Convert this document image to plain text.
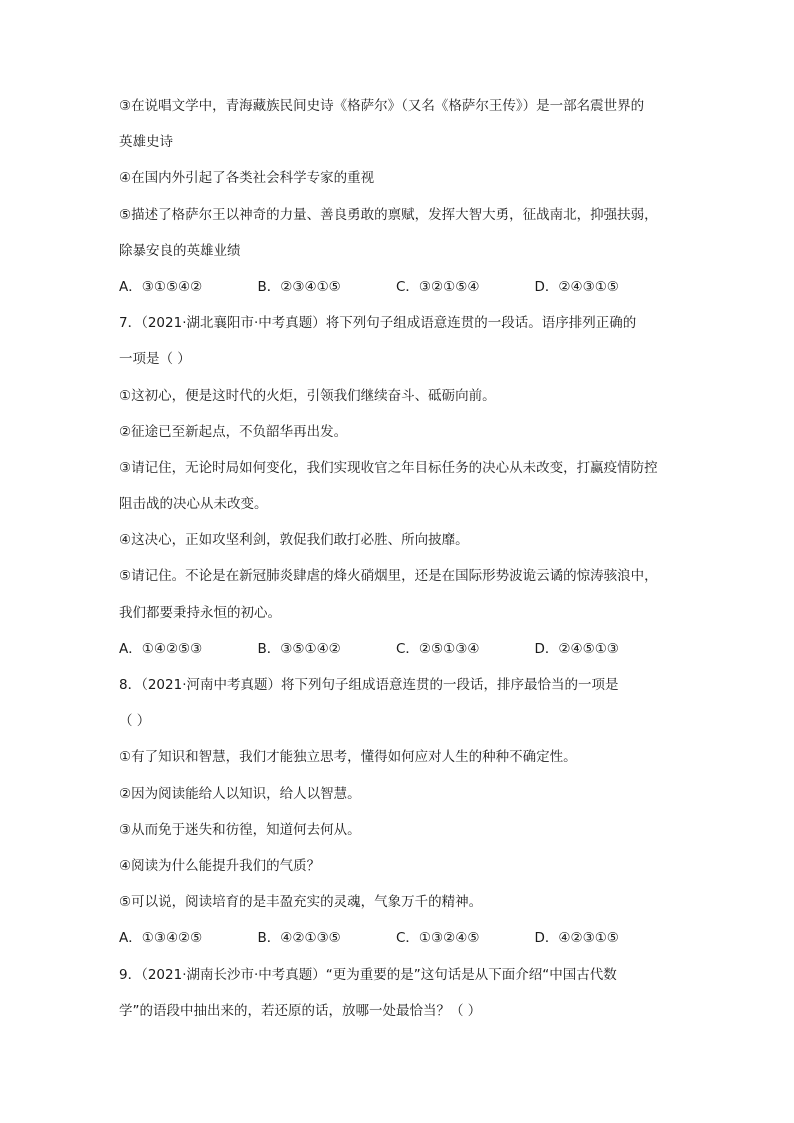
③在说唱文学中，青海藏族民间史诗《格萨尔》（又名《格萨尔王传》）是一部名震世界的
英雄史诗
④在国内外引起了各类社会科学专家的重视
⑤描述了格萨尔王以神奇的力量、善良勇敢的禀赋，发挥大智大勇，征战南北，抑强扶弱，
除暴安良的英雄业绩
A．③①⑤④②	B．②③④①⑤	C．③②①⑤④	D．②④③①⑤
7．（2021·湖北襄阳市·中考真题）将下列句子组成语意连贯的一段话。语序排列正确的
一项是（ ）
①这初心，便是这时代的火炬，引领我们继续奋斗、砥砺向前。
②征途已至新起点，不负韶华再出发。
③请记住，无论时局如何变化，我们实现收官之年目标任务的决心从未改变，打赢疫情防控
阻击战的决心从未改变。
④这决心，正如攻坚利剑，敦促我们敢打必胜、所向披靡。
⑤请记住。不论是在新冠肺炎肆虐的烽火硝烟里，还是在国际形势波诡云谲的惊涛骇浪中，
我们都要秉持永恒的初心。
A．①④②⑤③	B．③⑤①④②	C．②⑤①③④	D．②④⑤①③
8．（2021·河南中考真题）将下列句子组成语意连贯的一段话，排序最恰当的一项是
（ ）
①有了知识和智慧，我们才能独立思考，懂得如何应对人生的种种不确定性。
②因为阅读能给人以知识，给人以智慧。
③从而免于迷失和彷徨，知道何去何从。
④阅读为什么能提升我们的气质？
⑤可以说，阅读培育的是丰盈充实的灵魂，气象万千的精神。
A．①③④②⑤	B．④②①③⑤	C．①③②④⑤	D．④②③①⑤
9．（2021·湖南长沙市·中考真题）“更为重要的是”这句话是从下面介绍“中国古代数
学”的语段中抽出来的，若还原的话，放哪一处最恰当？（ ）
